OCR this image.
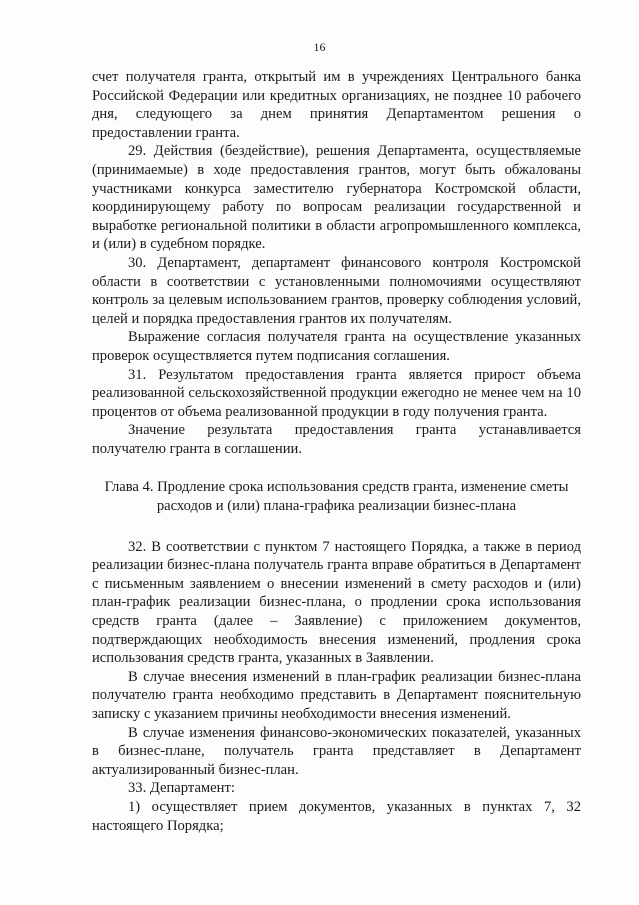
16

счет получателя гранта, открытый им в учреждениях Центрального банка Российской Федерации или кредитных организациях, не позднее 10 рабочего дня, следующего за днем принятия Департаментом решения о предоставлении гранта.

29. Действия (бездействие), решения Департамента, осуществляемые (принимаемые) в ходе предоставления грантов, могут быть обжалованы участниками конкурса заместителю губернатора Костромской области, координирующему работу по вопросам реализации государственной и выработке региональной политики в области агропромышленного комплекса, и (или) в судебном порядке.

30. Департамент, департамент финансового контроля Костромской области в соответствии с установленными полномочиями осуществляют контроль за целевым использованием грантов, проверку соблюдения условий, целей и порядка предоставления грантов их получателям.

Выражение согласия получателя гранта на осуществление указанных проверок осуществляется путем подписания соглашения.

31. Результатом предоставления гранта является прирост объема реализованной сельскохозяйственной продукции ежегодно не менее чем на 10 процентов от объема реализованной продукции в году получения гранта.

Значение результата предоставления гранта устанавливается получателю гранта в соглашении.

Глава 4. Продление срока использования средств гранта, изменение сметы расходов и (или) плана-графика реализации бизнес-плана

32. В соответствии с пунктом 7 настоящего Порядка, а также в период реализации бизнес-плана получатель гранта вправе обратиться в Департамент с письменным заявлением о внесении изменений в смету расходов и (или) план-график реализации бизнес-плана, о продлении срока использования средств гранта (далее – Заявление) с приложением документов, подтверждающих необходимость внесения изменений, продления срока использования средств гранта, указанных в Заявлении.

В случае внесения изменений в план-график реализации бизнес-плана получателю гранта необходимо представить в Департамент пояснительную записку с указанием причины необходимости внесения изменений.

В случае изменения финансово-экономических показателей, указанных в бизнес-плане, получатель гранта представляет в Департамент актуализированный бизнес-план.

33. Департамент:

1) осуществляет прием документов, указанных в пунктах 7, 32 настоящего Порядка;
